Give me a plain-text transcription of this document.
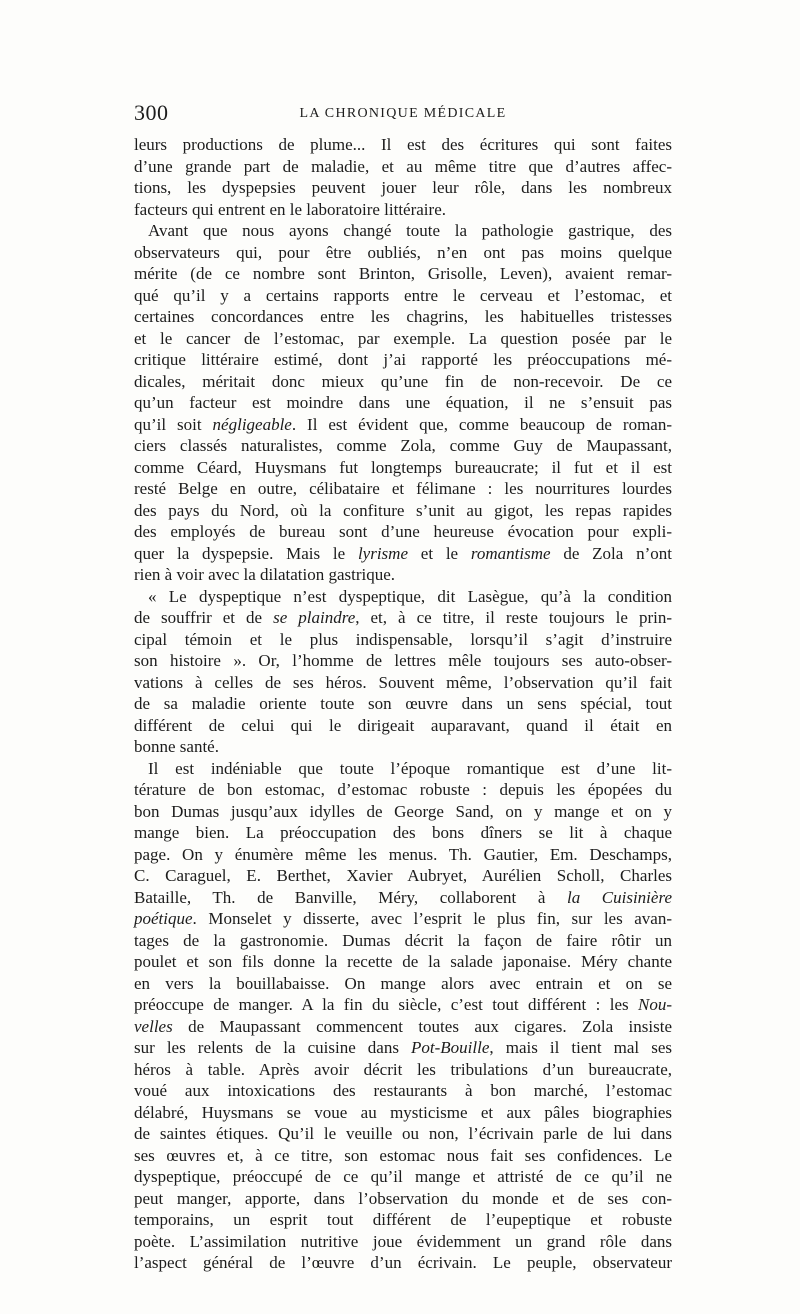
300	LA CHRONIQUE MÉDICALE
leurs productions de plume... Il est des écritures qui sont faites
d’une grande part de maladie, et au même titre que d’autres affec-
tions, les dyspepsies peuvent jouer leur rôle, dans les nombreux
facteurs qui entrent en le laboratoire littéraire.
Avant que nous ayons changé toute la pathologie gastrique, des
observateurs qui, pour être oubliés, n’en ont pas moins quelque
mérite (de ce nombre sont Brinton, Grisolle, Leven), avaient remar-
qué qu’il y a certains rapports entre le cerveau et l’estomac, et
certaines concordances entre les chagrins, les habituelles tristesses
et le cancer de l’estomac, par exemple. La question posée par le
critique littéraire estimé, dont j’ai rapporté les préoccupations mé-
dicales, méritait donc mieux qu’une fin de non-recevoir. De ce
qu’un facteur est moindre dans une équation, il ne s’ensuit pas
qu’il soit négligeable. Il est évident que, comme beaucoup de roman-
ciers classés naturalistes, comme Zola, comme Guy de Maupassant,
comme Céard, Huysmans fut longtemps bureaucrate; il fut et il est
resté Belge en outre, célibataire et félimane : les nourritures lourdes
des pays du Nord, où la confiture s’unit au gigot, les repas rapides
des employés de bureau sont d’une heureuse évocation pour expli-
quer la dyspepsie. Mais le lyrisme et le romantisme de Zola n’ont
rien à voir avec la dilatation gastrique.
« Le dyspeptique n’est dyspeptique, dit Lasègue, qu’à la condition
de souffrir et de se plaindre, et, à ce titre, il reste toujours le prin-
cipal témoin et le plus indispensable, lorsqu’il s’agit d’instruire
son histoire ». Or, l’homme de lettres mêle toujours ses auto-obser-
vations à celles de ses héros. Souvent même, l’observation qu’il fait
de sa maladie oriente toute son œuvre dans un sens spécial, tout
différent de celui qui le dirigeait auparavant, quand il était en
bonne santé.
Il est indéniable que toute l’époque romantique est d’une lit-
térature de bon estomac, d’estomac robuste : depuis les épopées du
bon Dumas jusqu’aux idylles de George Sand, on y mange et on y
mange bien. La préoccupation des bons dîners se lit à chaque
page. On y énumère même les menus. Th. Gautier, Em. Deschamps,
C. Caraguel, E. Berthet, Xavier Aubryet, Aurélien Scholl, Charles
Bataille, Th. de Banville, Méry, collaborent à la Cuisinière
poétique. Monselet y disserte, avec l’esprit le plus fin, sur les avan-
tages de la gastronomie. Dumas décrit la façon de faire rôtir un
poulet et son fils donne la recette de la salade japonaise. Méry chante
en vers la bouillabaisse. On mange alors avec entrain et on se
préoccupe de manger. A la fin du siècle, c’est tout différent : les Nou-
velles de Maupassant commencent toutes aux cigares. Zola insiste
sur les relents de la cuisine dans Pot-Bouille, mais il tient mal ses
héros à table. Après avoir décrit les tribulations d’un bureaucrate,
voué aux intoxications des restaurants à bon marché, l’estomac
délabré, Huysmans se voue au mysticisme et aux pâles biographies
de saintes étiques. Qu’il le veuille ou non, l’écrivain parle de lui dans
ses œuvres et, à ce titre, son estomac nous fait ses confidences. Le
dyspeptique, préoccupé de ce qu’il mange et attristé de ce qu’il ne
peut manger, apporte, dans l’observation du monde et de ses con-
temporains, un esprit tout différent de l’eupeptique et robuste
poète. L’assimilation nutritive joue évidemment un grand rôle dans
l’aspect général de l’œuvre d’un écrivain. Le peuple, observateur
